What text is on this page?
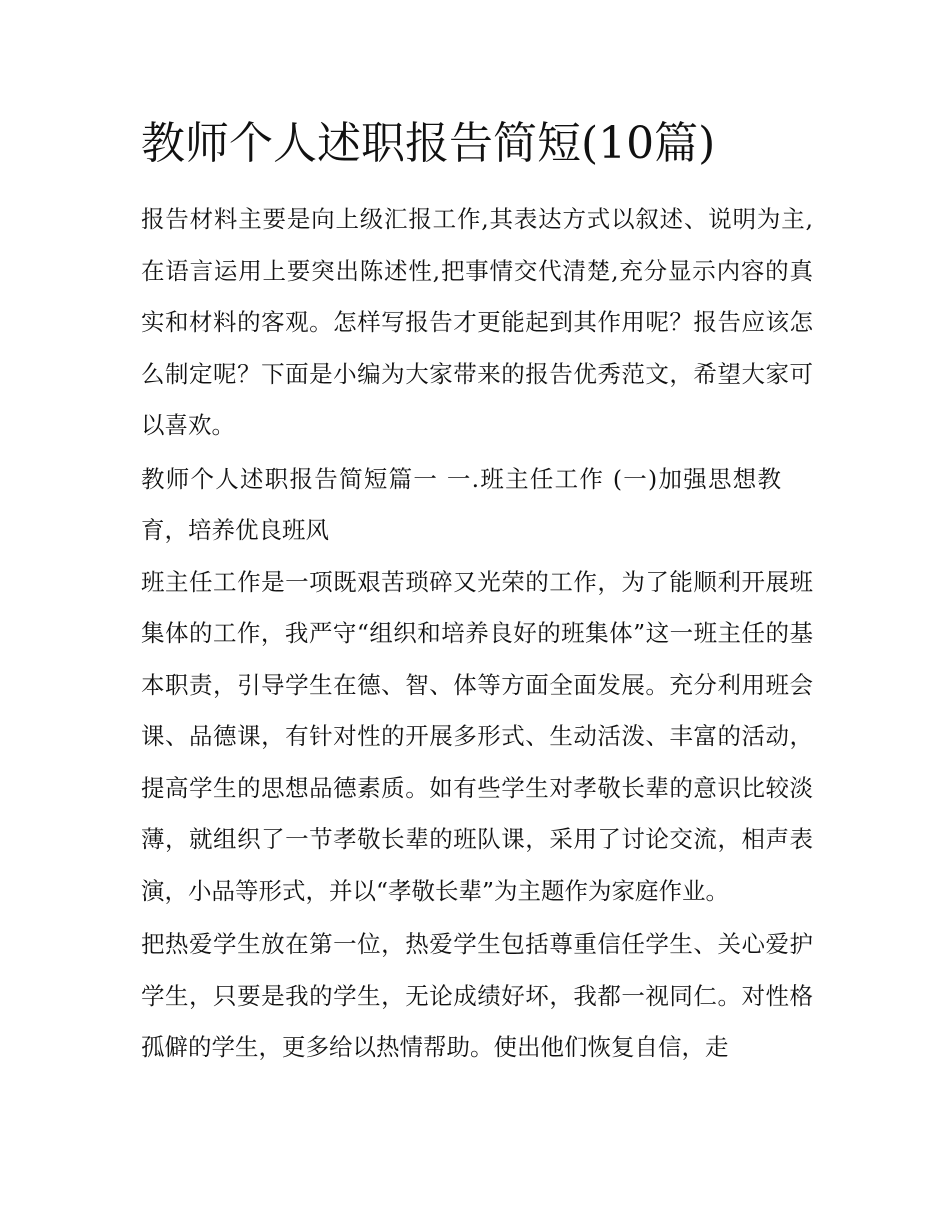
教师个人述职报告简短(10篇)

报告材料主要是向上级汇报工作,其表达方式以叙述、说明为主,在语言运用上要突出陈述性,把事情交代清楚,充分显示内容的真实和材料的客观。怎样写报告才更能起到其作用呢？报告应该怎么制定呢？下面是小编为大家带来的报告优秀范文，希望大家可以喜欢。

教师个人述职报告简短篇一 一.班主任工作 (一)加强思想教育，培养优良班风

班主任工作是一项既艰苦琐碎又光荣的工作，为了能顺利开展班集体的工作，我严守“组织和培养良好的班集体”这一班主任的基本职责，引导学生在德、智、体等方面全面发展。充分利用班会课、品德课，有针对性的开展多形式、生动活泼、丰富的活动，提高学生的思想品德素质。如有些学生对孝敬长辈的意识比较淡薄，就组织了一节孝敬长辈的班队课，采用了讨论交流，相声表演，小品等形式，并以“孝敬长辈”为主题作为家庭作业。

把热爱学生放在第一位，热爱学生包括尊重信任学生、关心爱护学生，只要是我的学生，无论成绩好坏，我都一视同仁。对性格孤僻的学生，更多给以热情帮助。使出他们恢复自信，走
